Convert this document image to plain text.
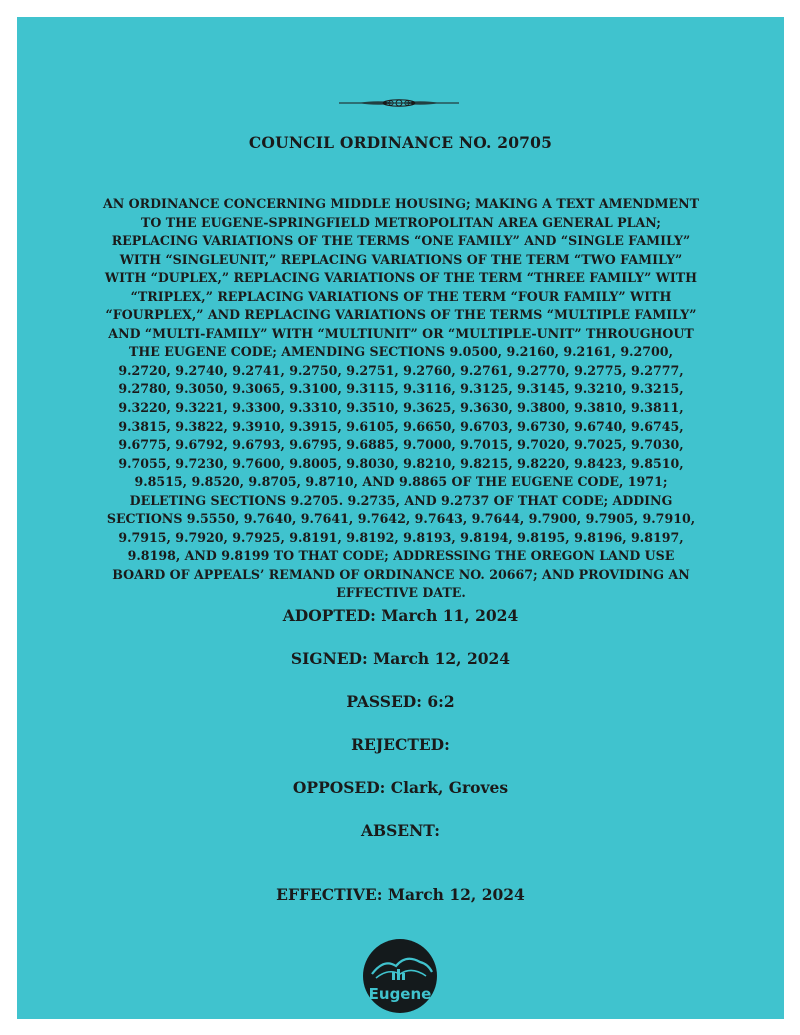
COUNCIL ORDINANCE NO. 20705
AN ORDINANCE CONCERNING MIDDLE HOUSING; MAKING A TEXT AMENDMENT TO THE EUGENE-SPRINGFIELD METROPOLITAN AREA GENERAL PLAN; REPLACING VARIATIONS OF THE TERMS “ONE FAMILY” AND “SINGLE FAMILY” WITH “SINGLEUNIT,” REPLACING VARIATIONS OF THE TERM “TWO FAMILY” WITH “DUPLEX,” REPLACING VARIATIONS OF THE TERM “THREE FAMILY” WITH “TRIPLEX,” REPLACING VARIATIONS OF THE TERM “FOUR FAMILY” WITH “FOURPLEX,” AND REPLACING VARIATIONS OF THE TERMS “MULTIPLE FAMILY” AND “MULTI-FAMILY” WITH “MULTIUNIT” OR “MULTIPLE-UNIT” THROUGHOUT THE EUGENE CODE; AMENDING SECTIONS 9.0500, 9.2160, 9.2161, 9.2700, 9.2720, 9.2740, 9.2741, 9.2750, 9.2751, 9.2760, 9.2761, 9.2770, 9.2775, 9.2777, 9.2780, 9.3050, 9.3065, 9.3100, 9.3115, 9.3116, 9.3125, 9.3145, 9.3210, 9.3215, 9.3220, 9.3221, 9.3300, 9.3310, 9.3510, 9.3625, 9.3630, 9.3800, 9.3810, 9.3811, 9.3815, 9.3822, 9.3910, 9.3915, 9.6105, 9.6650, 9.6703, 9.6730, 9.6740, 9.6745, 9.6775, 9.6792, 9.6793, 9.6795, 9.6885, 9.7000, 9.7015, 9.7020, 9.7025, 9.7030, 9.7055, 9.7230, 9.7600, 9.8005, 9.8030, 9.8210, 9.8215, 9.8220, 9.8423, 9.8510, 9.8515, 9.8520, 9.8705, 9.8710, AND 9.8865 OF THE EUGENE CODE, 1971; DELETING SECTIONS 9.2705. 9.2735, AND 9.2737 OF THAT CODE; ADDING SECTIONS 9.5550, 9.7640, 9.7641, 9.7642, 9.7643, 9.7644, 9.7900, 9.7905, 9.7910, 9.7915, 9.7920, 9.7925, 9.8191, 9.8192, 9.8193, 9.8194, 9.8195, 9.8196, 9.8197, 9.8198, AND 9.8199 TO THAT CODE; ADDRESSING THE OREGON LAND USE BOARD OF APPEALS’ REMAND OF ORDINANCE NO. 20667; AND PROVIDING AN EFFECTIVE DATE.
ADOPTED: March 11, 2024
SIGNED: March 12, 2024
PASSED: 6:2
REJECTED:
OPPOSED: Clark, Groves
ABSENT:
EFFECTIVE: March 12, 2024
Eugene
